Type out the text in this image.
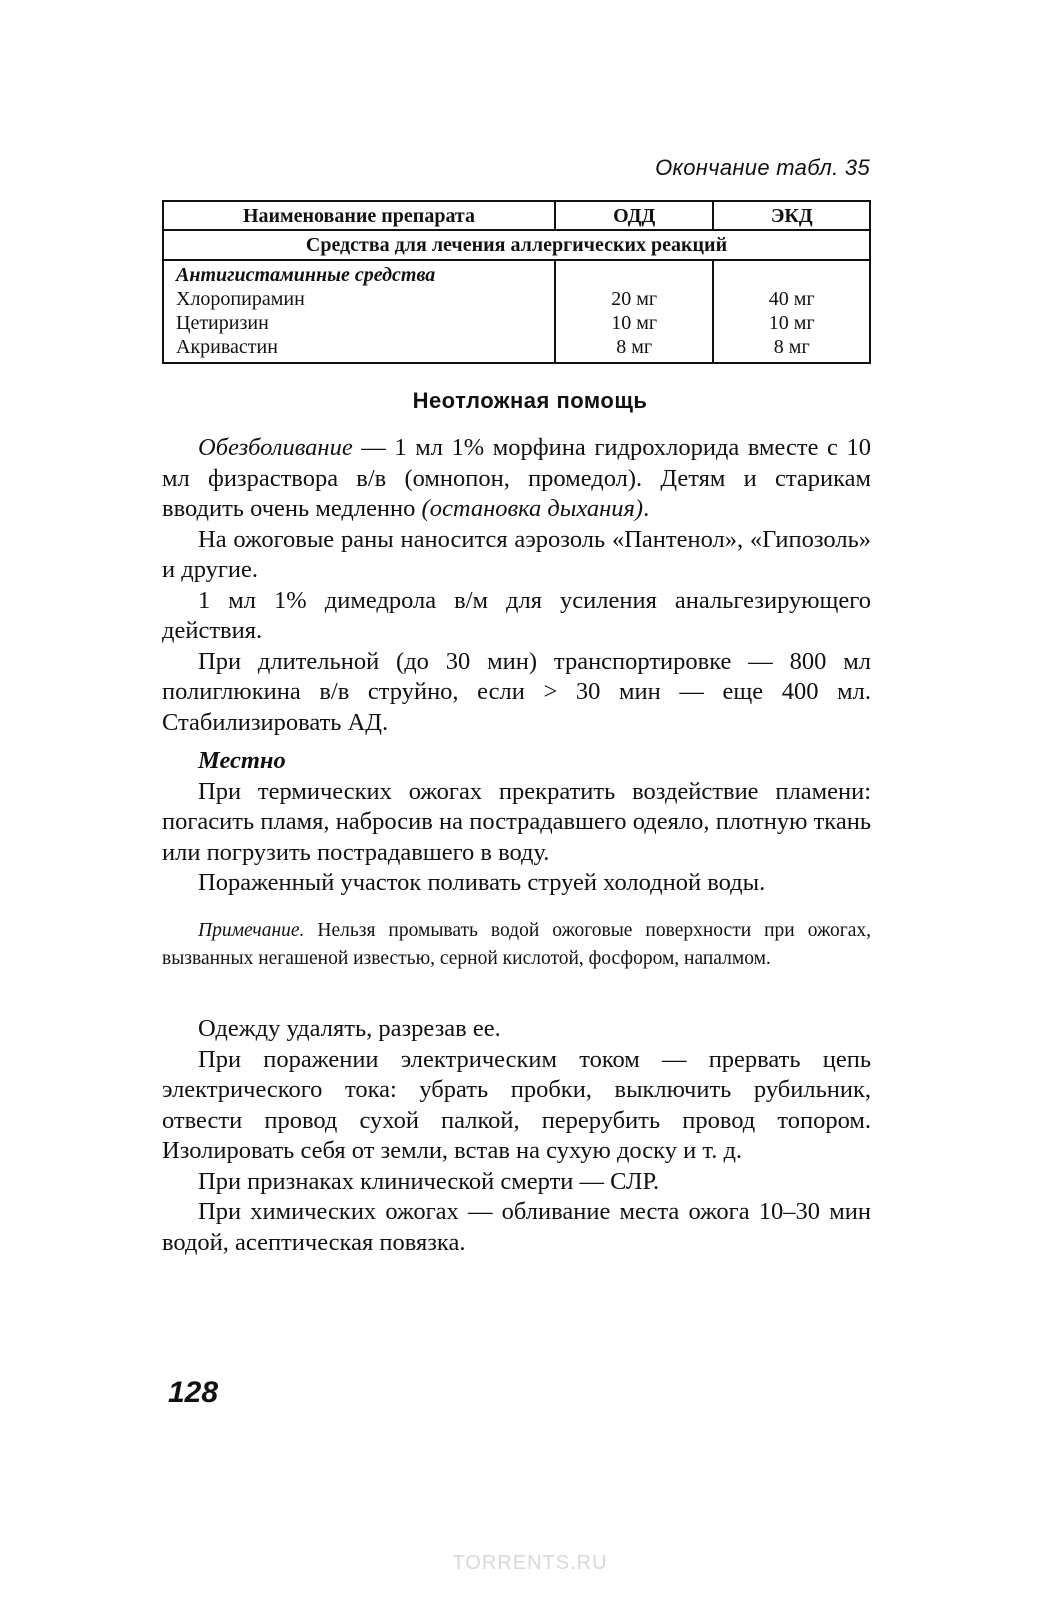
Окончание табл. 35
Наименование препарата	ОДД	ЭКД
Средства для лечения аллергических реакций		
Антигистаминные средства		
Хлоропирамин	20 мг	40 мг
Цетиризин	10 мг	10 мг
Акривастин	8 мг	8 мг
Неотложная помощь

Обезболивание — 1 мл 1% морфина гидрохлорида вместе с 10 мл физраствора в/в (омнопон, промедол). Детям и старикам вводить очень медленно (остановка дыхания).

На ожоговые раны наносится аэрозоль «Пантенол», «Гипозоль» и другие.

1 мл 1% димедрола в/м для усиления анальгезирующего действия.

При длительной (до 30 мин) транспортировке — 800 мл полиглюкина в/в струйно, если > 30 мин — еще 400 мл. Стабилизировать АД.

Местно

При термических ожогах прекратить воздействие пламени: погасить пламя, набросив на пострадавшего одеяло, плотную ткань или погрузить пострадавшего в воду.

Пораженный участок поливать струей холодной воды.

Примечание. Нельзя промывать водой ожоговые поверхности при ожогах, вызванных негашеной известью, серной кислотой, фосфором, напалмом.

Одежду удалять, разрезав ее.

При поражении электрическим током — прервать цепь электрического тока: убрать пробки, выключить рубильник, отвести провод сухой палкой, перерубить провод топором. Изолировать себя от земли, встав на сухую доску и т. д.

При признаках клинической смерти — СЛР.

При химических ожогах — обливание места ожога 10–30 мин водой, асептическая повязка.

128
TORRENTS.RU
